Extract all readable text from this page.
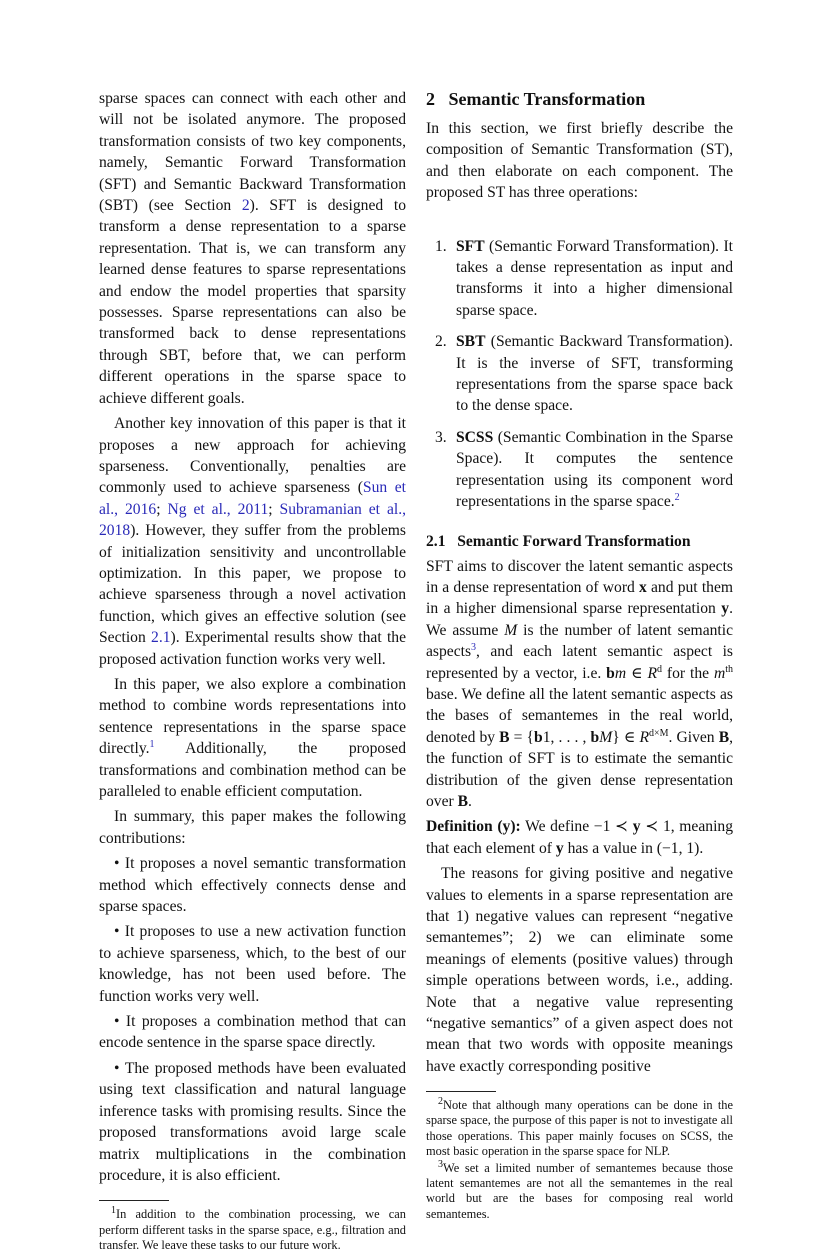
sparse spaces can connect with each other and will not be isolated anymore. The proposed transformation consists of two key components, namely, Semantic Forward Transformation (SFT) and Semantic Backward Transformation (SBT) (see Section 2). SFT is designed to transform a dense representation to a sparse representation. That is, we can transform any learned dense features to sparse representations and endow the model properties that sparsity possesses. Sparse representations can also be transformed back to dense representations through SBT, before that, we can perform different operations in the sparse space to achieve different goals.
Another key innovation of this paper is that it proposes a new approach for achieving sparseness. Conventionally, penalties are commonly used to achieve sparseness (Sun et al., 2016; Ng et al., 2011; Subramanian et al., 2018). However, they suffer from the problems of initialization sensitivity and uncontrollable optimization. In this paper, we propose to achieve sparseness through a novel activation function, which gives an effective solution (see Section 2.1). Experimental results show that the proposed activation function works very well.
In this paper, we also explore a combination method to combine words representations into sentence representations in the sparse space directly.$^1$ Additionally, the proposed transformations and combination method can be paralleled to enable efficient computation.
In summary, this paper makes the following contributions:
• It proposes a novel semantic transformation method which effectively connects dense and sparse spaces.
• It proposes to use a new activation function to achieve sparseness, which, to the best of our knowledge, has not been used before. The function works very well.
• It proposes a combination method that can encode sentence in the sparse space directly.
• The proposed methods have been evaluated using text classification and natural language inference tasks with promising results. Since the proposed transformations avoid large scale matrix multiplications in the combination procedure, it is also efficient.
$^1$In addition to the combination processing, we can perform different tasks in the sparse space, e.g., filtration and transfer. We leave these tasks to our future work.
2 Semantic Transformation
In this section, we first briefly describe the composition of Semantic Transformation (ST), and then elaborate on each component. The proposed ST has three operations:
1. SFT (Semantic Forward Transformation). It takes a dense representation as input and transforms it into a higher dimensional sparse space.
2. SBT (Semantic Backward Transformation). It is the inverse of SFT, transforming representations from the sparse space back to the dense space.
3. SCSS (Semantic Combination in the Sparse Space). It computes the sentence representation using its component word representations in the sparse space.$^2$
2.1 Semantic Forward Transformation
SFT aims to discover the latent semantic aspects in a dense representation of word x and put them in a higher dimensional sparse representation y. We assume M is the number of latent semantic aspects$^3$, and each latent semantic aspect is represented by a vector, i.e. bm ∈ $R^d$ for the $m^{th}$ base. We define all the latent semantic aspects as the bases of semantemes in the real world, denoted by B = {b1, . . . , bM} ∈ $R^{d\times M}$. Given B, the function of SFT is to estimate the semantic distribution of the given dense representation over B.
Definition (y): We define −1 ≺ y ≺ 1, meaning that each element of y has a value in (−1, 1).
The reasons for giving positive and negative values to elements in a sparse representation are that 1) negative values can represent “negative semantemes”; 2) we can eliminate some meanings of elements (positive values) through simple operations between words, i.e., adding. Note that a negative value representing “negative semantics” of a given aspect does not mean that two words with opposite meanings have exactly corresponding positive
$^2$Note that although many operations can be done in the sparse space, the purpose of this paper is not to investigate all those operations. This paper mainly focuses on SCSS, the most basic operation in the sparse space for NLP.
$^3$We set a limited number of semantemes because those latent semantemes are not all the semantemes in the real world but are the bases for composing real world semantemes.
